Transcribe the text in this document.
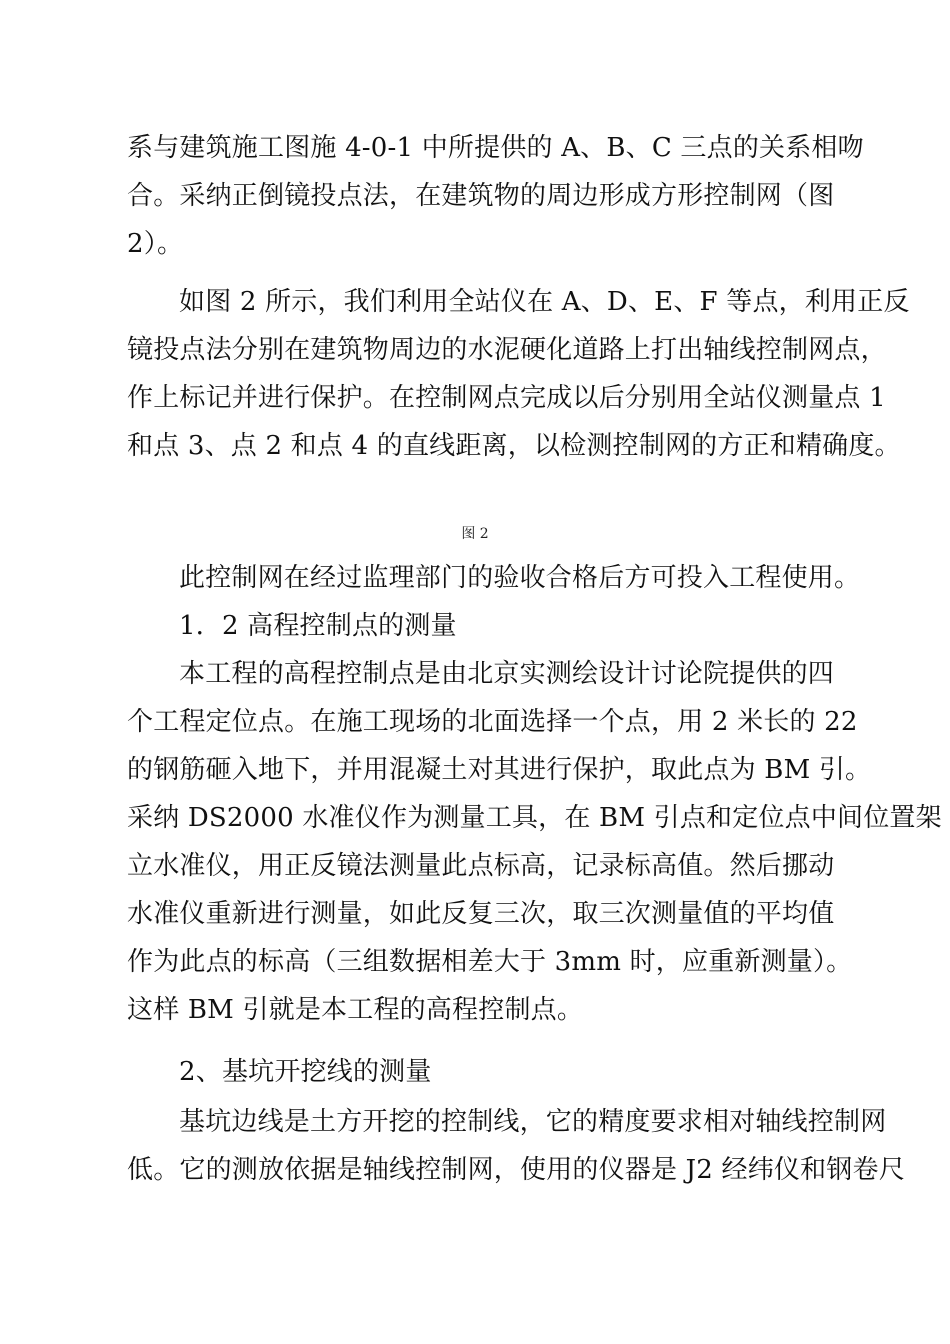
系与建筑施工图施 4-0-1 中所提供的 A、B、C 三点的关系相吻
合。采纳正倒镜投点法，在建筑物的周边形成方形控制网（图
2）。
如图 2 所示，我们利用全站仪在 A、D、E、F 等点，利用正反
镜投点法分别在建筑物周边的水泥硬化道路上打出轴线控制网点，
作上标记并进行保护。在控制网点完成以后分别用全站仪测量点 1
和点 3、点 2 和点 4 的直线距离，以检测控制网的方正和精确度。
图 2
此控制网在经过监理部门的验收合格后方可投入工程使用。
1．2 高程控制点的测量
本工程的高程控制点是由北京实测绘设计讨论院提供的四
个工程定位点。在施工现场的北面选择一个点，用 2 米长的 22
的钢筋砸入地下，并用混凝土对其进行保护，取此点为 BM 引。
采纳 DS2000 水准仪作为测量工具，在 BM 引点和定位点中间位置架
立水准仪，用正反镜法测量此点标高，记录标高值。然后挪动
水准仪重新进行测量，如此反复三次，取三次测量值的平均值
作为此点的标高（三组数据相差大于 3mm 时，应重新测量）。
这样 BM 引就是本工程的高程控制点。
2、基坑开挖线的测量
基坑边线是土方开挖的控制线，它的精度要求相对轴线控制网
低。它的测放依据是轴线控制网，使用的仪器是 J2 经纬仪和钢卷尺
